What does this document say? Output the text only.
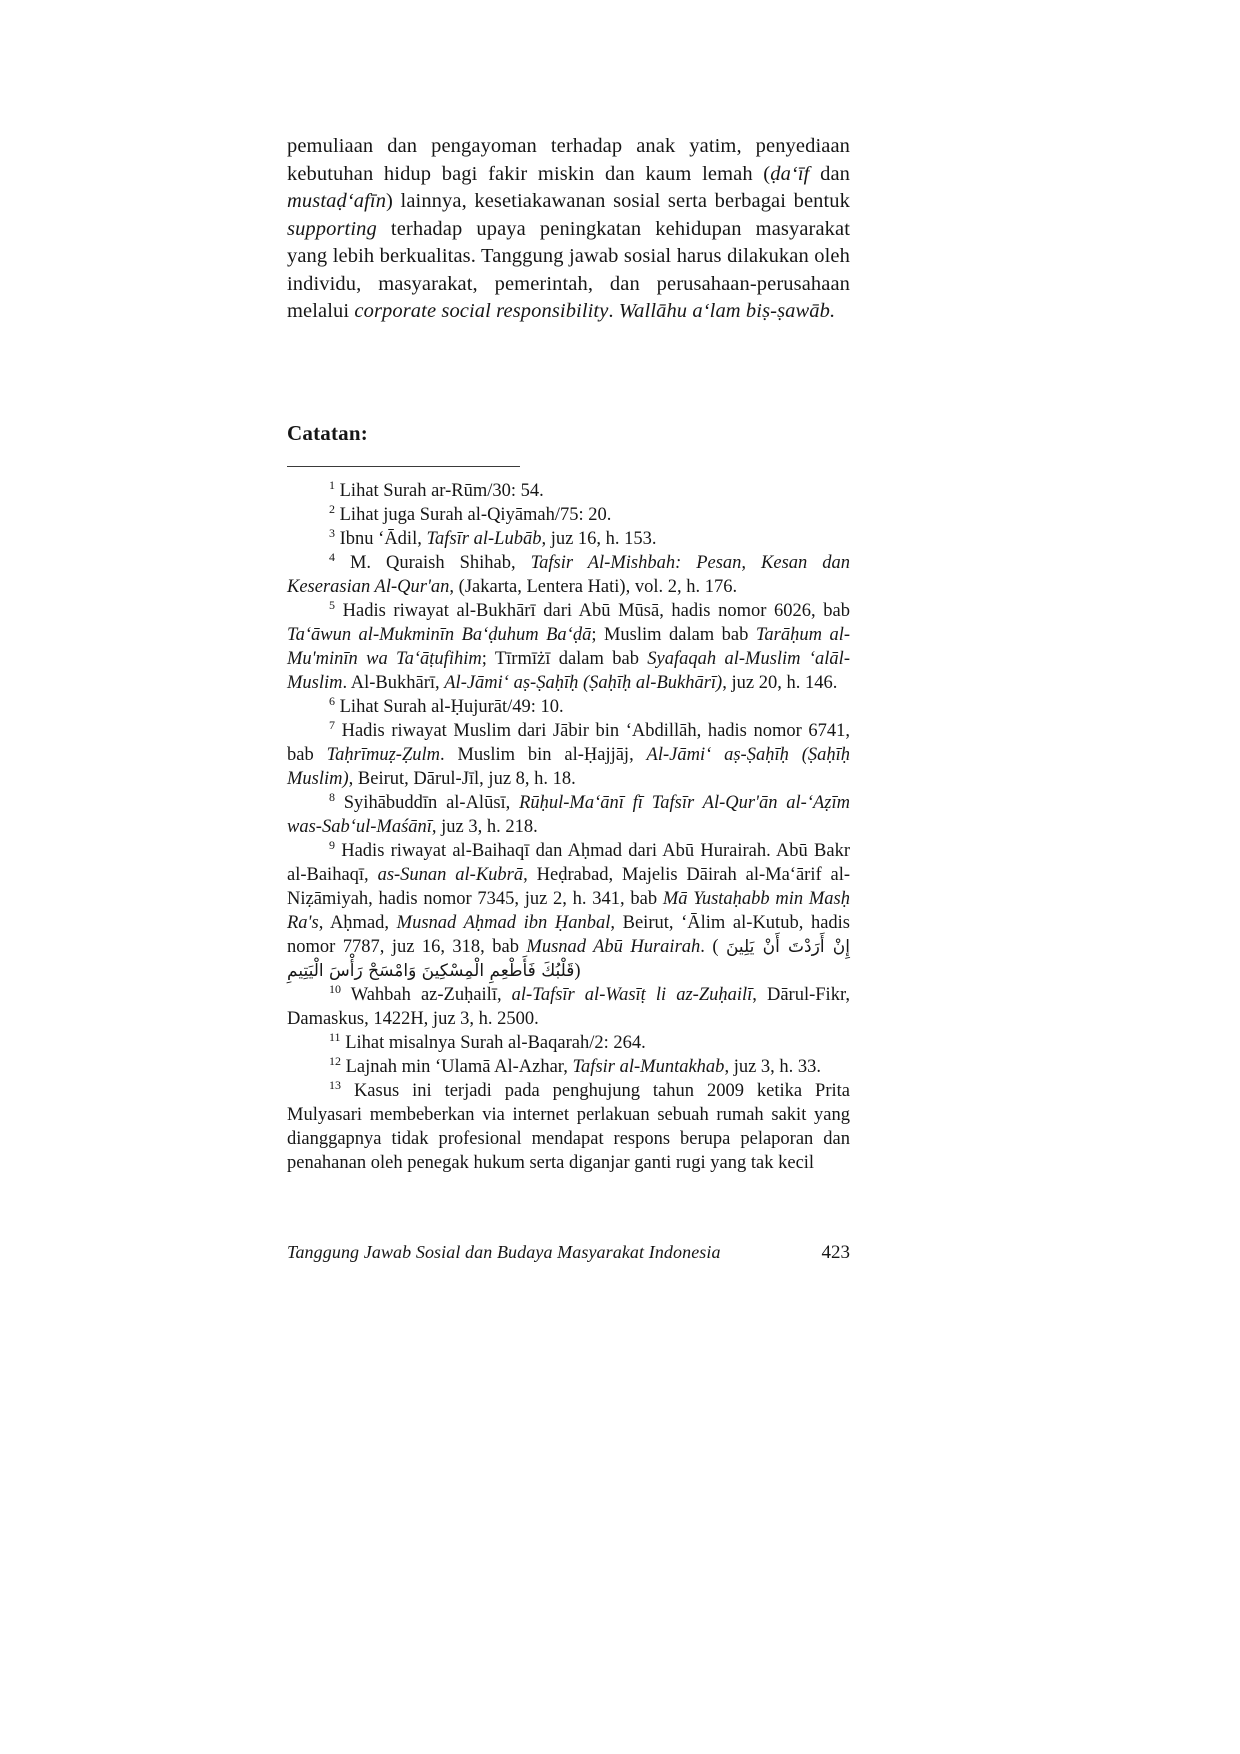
pemuliaan dan pengayoman terhadap anak yatim, penyediaan kebutuhan hidup bagi fakir miskin dan kaum lemah (ḍa‘īf dan mustaḍ‘afīn) lainnya, kesetiakawanan sosial serta berbagai bentuk supporting terhadap upaya peningkatan kehidupan masyarakat yang lebih berkualitas. Tanggung jawab sosial harus dilakukan oleh individu, masyarakat, pemerintah, dan perusahaan-perusahaan melalui corporate social responsibility. Wallāhu a‘lam biṣ-ṣawāb.

Catatan:

$^1$ Lihat Surah ar-Rūm/30: 54.

$^2$ Lihat juga Surah al-Qiyāmah/75: 20.

$^3$ Ibnu ‘Ādil, Tafsīr al-Lubāb, juz 16, h. 153.

$^4$ M. Quraish Shihab, Tafsir Al-Mishbah: Pesan, Kesan dan Keserasian Al-Qur'an, (Jakarta, Lentera Hati), vol. 2, h. 176.

$^5$ Hadis riwayat al-Bukhārī dari Abū Mūsā, hadis nomor 6026, bab Ta‘āwun al-Mukminīn Ba‘ḍuhum Ba‘ḍā; Muslim dalam bab Tarāḥum al-Mu'minīn wa Ta‘āṭufihim; Tīrmīżī dalam bab Syafaqah al-Muslim ‘alāl-Muslim. Al-Bukhārī, Al-Jāmi‘ aṣ-Ṣaḥīḥ (Ṣaḥīḥ al-Bukhārī), juz 20, h. 146.

$^6$ Lihat Surah al-Ḥujurāt/49: 10.

$^7$ Hadis riwayat Muslim dari Jābir bin ‘Abdillāh, hadis nomor 6741, bab Taḥrīmuẓ-Ẓulm. Muslim bin al-Ḥajjāj, Al-Jāmi‘ aṣ-Ṣaḥīḥ (Ṣaḥīḥ Muslim), Beirut, Dārul-Jīl, juz 8, h. 18.

$^8$ Syihābuddīn al-Alūsī, Rūḥul-Ma‘ānī fī Tafsīr Al-Qur'ān al-‘Aẓīm was-Sab‘ul-Maśānī, juz 3, h. 218.

$^9$ Hadis riwayat al-Baihaqī dan Aḥmad dari Abū Hurairah. Abū Bakr al-Baihaqī, as-Sunan al-Kubrā, Heḍrabad, Majelis Dāirah al-Ma‘ārif al-Niẓāmiyah, hadis nomor 7345, juz 2, h. 341, bab Mā Yustaḥabb min Masḥ Ra's, Aḥmad, Musnad Aḥmad ibn Ḥanbal, Beirut, ‘Ālim al-Kutub, hadis nomor 7787, juz 16, 318, bab Musnad Abū Hurairah. ( إِنْ أَرَدْتَ أَنْ يَلِينَ قَلْبُكَ فَأَطْعِمِ الْمِسْكِينَ وَامْسَحْ رَأْسَ الْيَتِيمِ)

$^{10}$ Wahbah az-Zuḥailī, al-Tafsīr al-Wasīṭ li az-Zuḥailī, Dārul-Fikr, Damaskus, 1422H, juz 3, h. 2500.

$^{11}$ Lihat misalnya Surah al-Baqarah/2: 264.

$^{12}$ Lajnah min ‘Ulamā Al-Azhar, Tafsir al-Muntakhab, juz 3, h. 33.

$^{13}$ Kasus ini terjadi pada penghujung tahun 2009 ketika Prita Mulyasari membeberkan via internet perlakuan sebuah rumah sakit yang dianggapnya tidak profesional mendapat respons berupa pelaporan dan penahanan oleh penegak hukum serta diganjar ganti rugi yang tak kecil

Tanggung Jawab Sosial dan Budaya Masyarakat Indonesia	423
